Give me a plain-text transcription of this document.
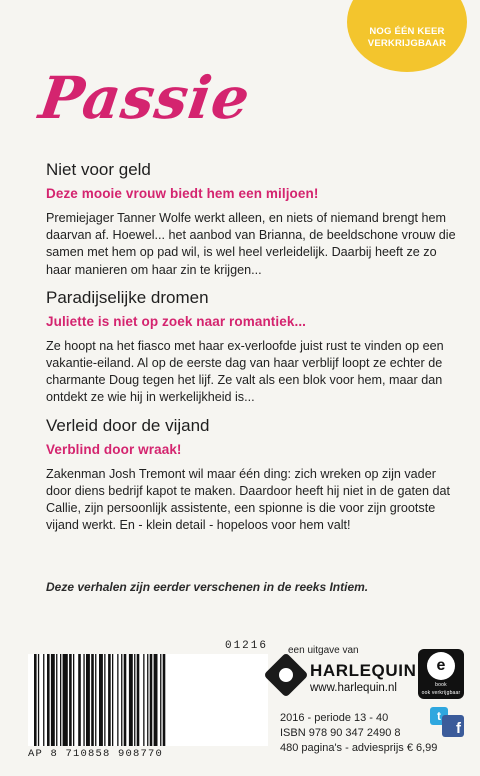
NOG ÉÉN KEER
VERKRIJGBAAR
Passie
Niet voor geld
Deze mooie vrouw biedt hem een miljoen!
Premiejager Tanner Wolfe werkt alleen, en niets of niemand brengt hem daarvan af. Hoewel... het aanbod van Brianna, de beeldschone vrouw die samen met hem op pad wil, is wel heel verleidelijk. Daarbij heeft ze zo haar manieren om haar zin te krijgen...
Paradijselijke dromen
Juliette is niet op zoek naar romantiek...
Ze hoopt na het fiasco met haar ex-verloofde juist rust te vinden op een vakantie-eiland. Al op de eerste dag van haar verblijf loopt ze echter de charmante Doug tegen het lijf. Ze valt als een blok voor hem, maar dan ontdekt ze wie hij in werkelijkheid is...
Verleid door de vijand
Verblind door wraak!
Zakenman Josh Tremont wil maar één ding: zich wreken op zijn vader door diens bedrijf kapot te maken. Daardoor heeft hij niet in de gaten dat Callie, zijn persoonlijk assistente, een spionne is die voor zijn grootste vijand werkt. En - klein detail - hopeloos voor hem valt!
Deze verhalen zijn eerder verschenen in de reeks Intiem.
01216
AP 8 710858 908770
een uitgave van
HARLEQUIN
www.harlequin.nl
e
book
ook verkrijgbaar
2016 - periode 13 - 40
ISBN 978 90 347 2490 8
480 pagina's - adviesprijs € 6,99
t
f
